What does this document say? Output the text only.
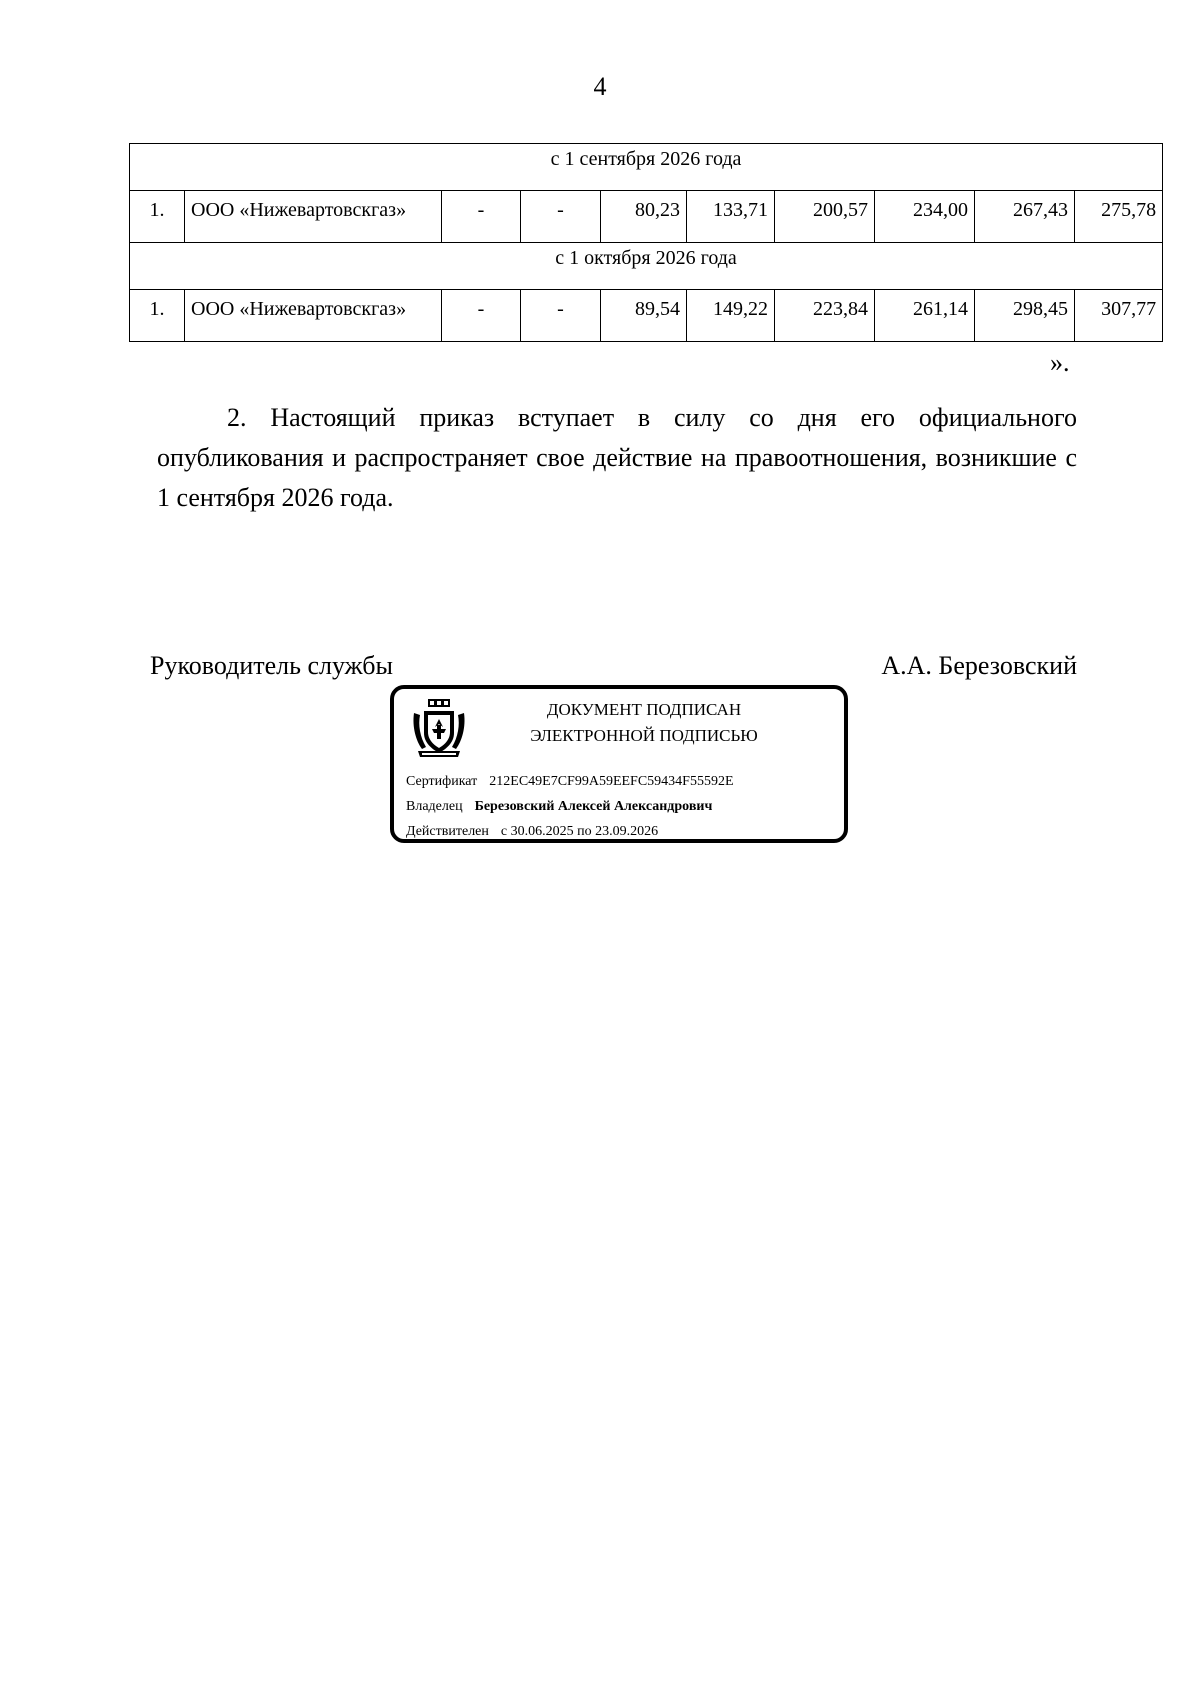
4
с 1 сентября 2026 года									
1.	ООО «Нижевартовскгаз»	-	-	80,23	133,71	200,57	234,00	267,43	275,78
с 1 октября 2026 года									
1.	ООО «Нижевартовскгаз»	-	-	89,54	149,22	223,84	261,14	298,45	307,77
».
2. Настоящий приказ вступает в силу со дня его официального опубликования и распространяет свое действие на правоотношения, возникшие с 1 сентября 2026 года.
Руководитель службы	А.А. Березовский
ДОКУМЕНТ ПОДПИСАН
ЭЛЕКТРОННОЙ ПОДПИСЬЮ
Сертификат 212EC49E7CF99A59EEFC59434F55592E
Владелец Березовский Алексей Александрович
Действителен с 30.06.2025 по 23.09.2026
